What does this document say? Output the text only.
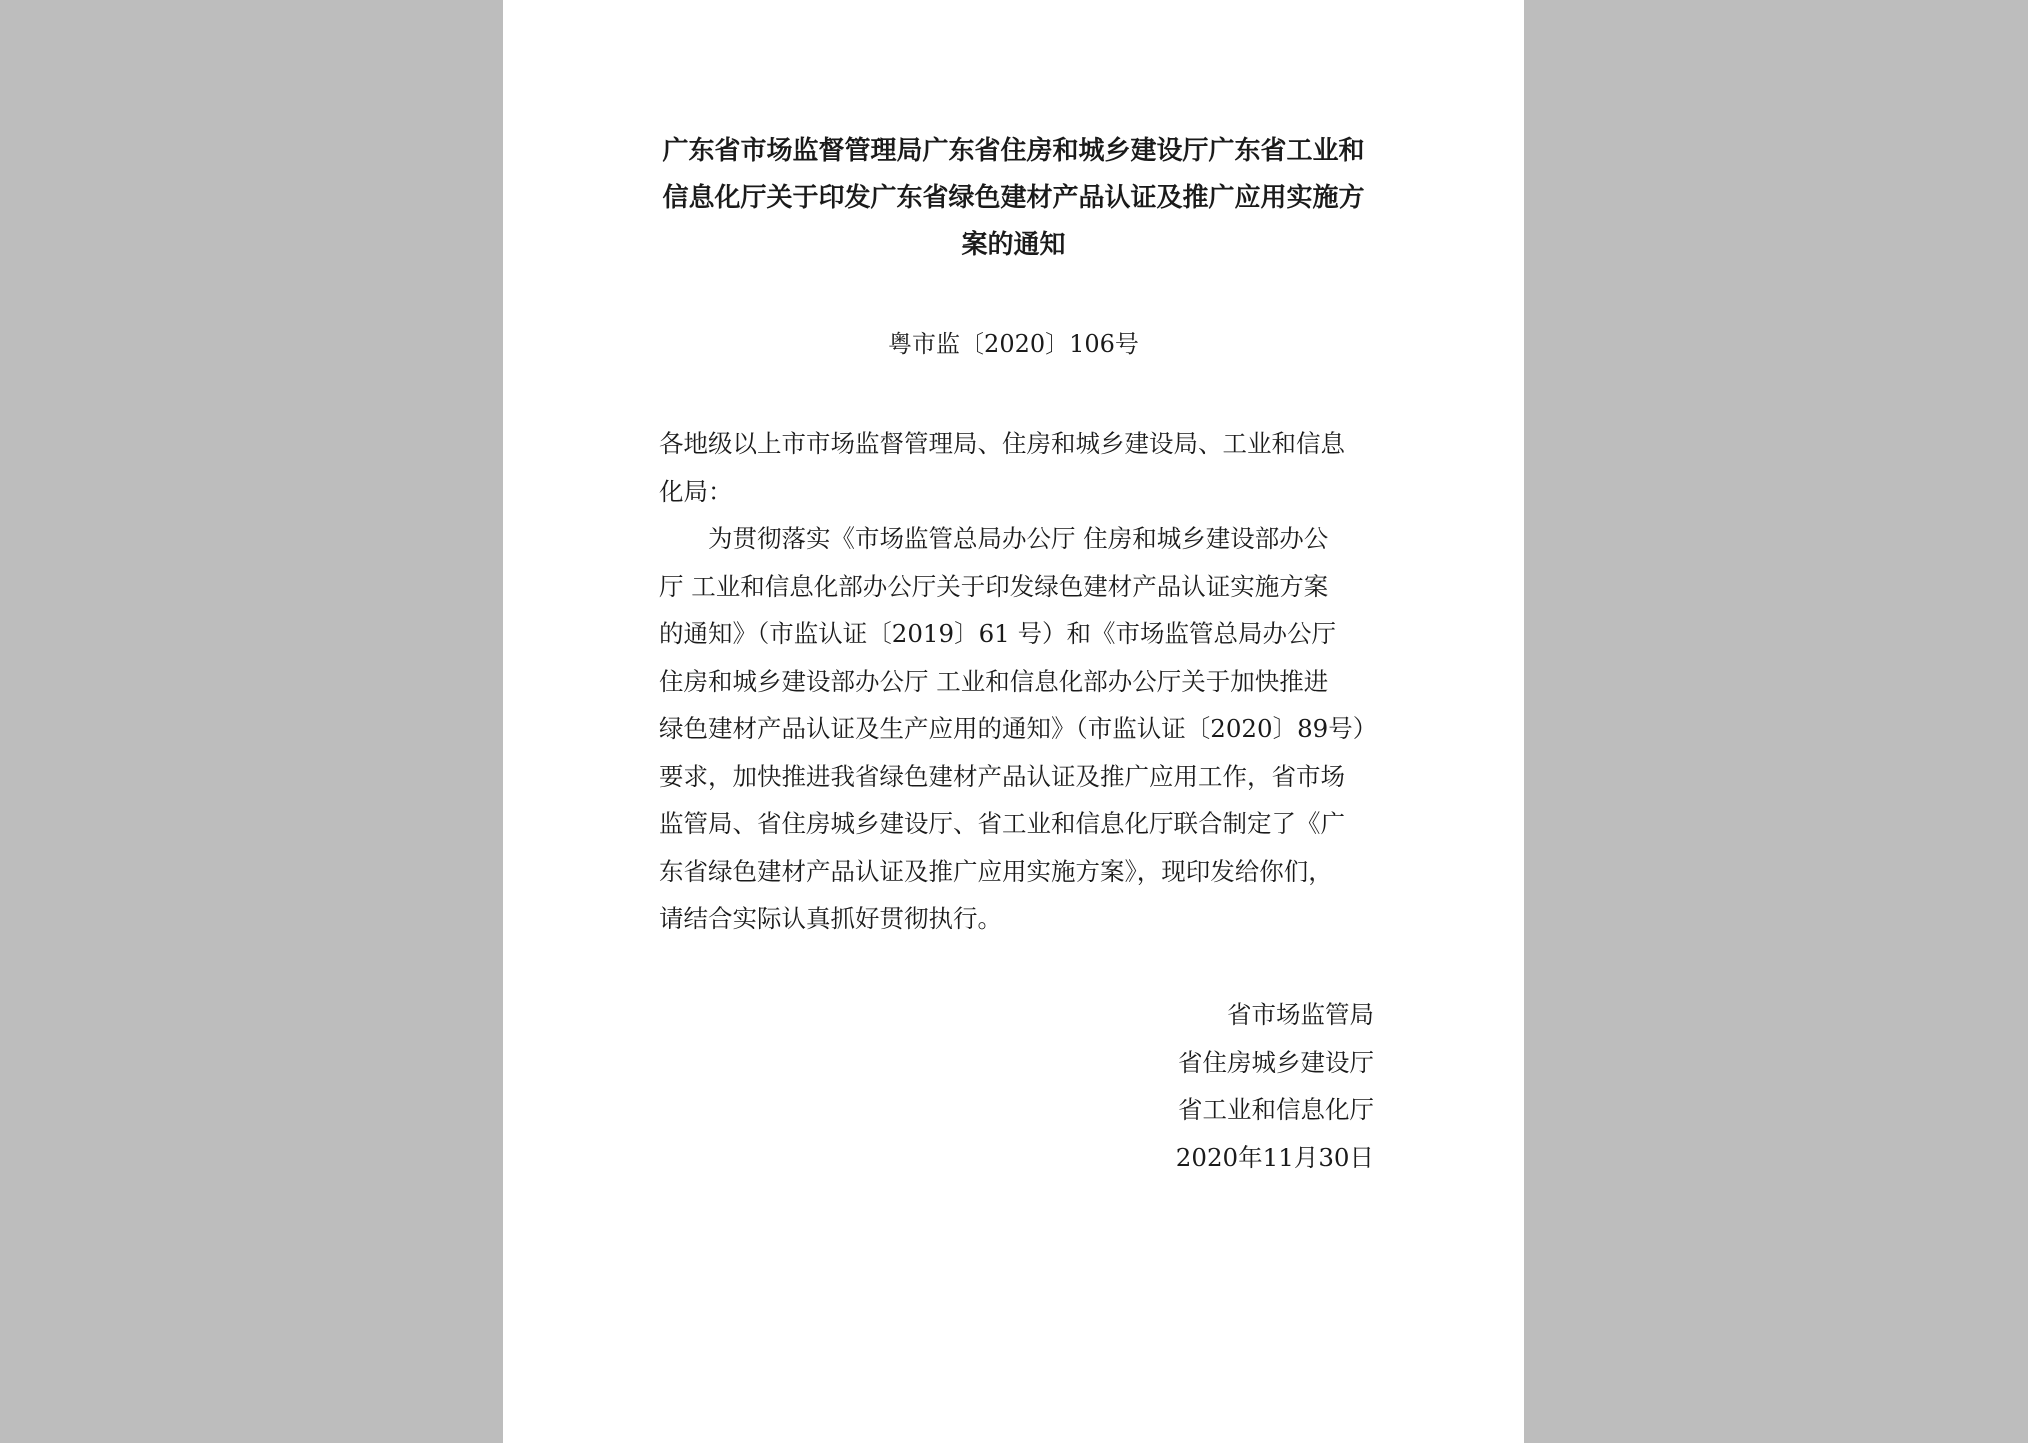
广东省市场监督管理局广东省住房和城乡建设厅广东省工业和
信息化厅关于印发广东省绿色建材产品认证及推广应用实施方
案的通知
粤市监〔2020〕106号
各地级以上市市场监督管理局、住房和城乡建设局、工业和信息
化局：
为贯彻落实《市场监管总局办公厅 住房和城乡建设部办公
厅 工业和信息化部办公厅关于印发绿色建材产品认证实施方案
的通知》（市监认证〔2019〕61 号）和《市场监管总局办公厅
住房和城乡建设部办公厅 工业和信息化部办公厅关于加快推进
绿色建材产品认证及生产应用的通知》（市监认证〔2020〕89号）
要求，加快推进我省绿色建材产品认证及推广应用工作，省市场
监管局、省住房城乡建设厅、省工业和信息化厅联合制定了《广
东省绿色建材产品认证及推广应用实施方案》，现印发给你们，
请结合实际认真抓好贯彻执行。
省市场监管局
省住房城乡建设厅
省工业和信息化厅
2020年11月30日
